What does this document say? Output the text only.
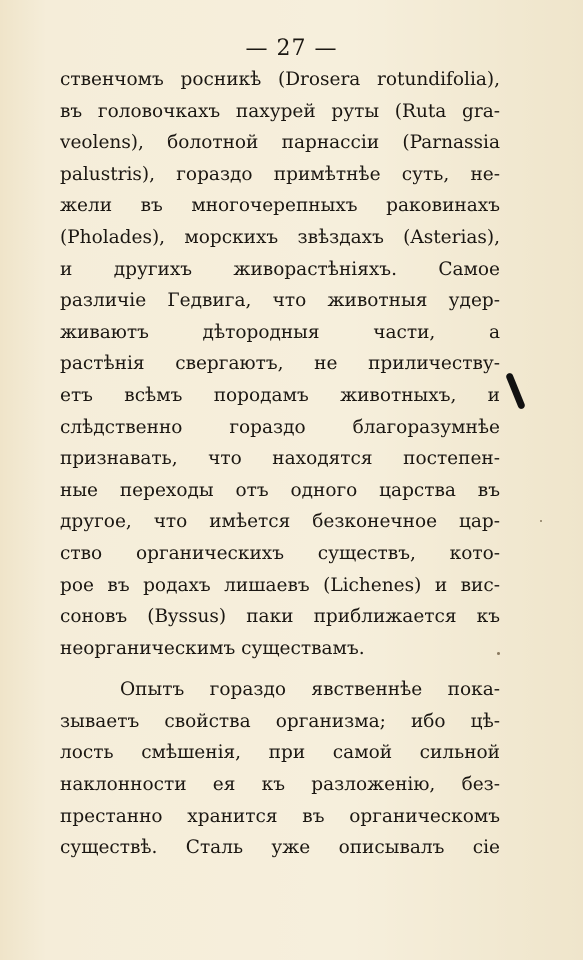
— 27 —
ственчомъ росникѣ (Drosera rotundifolia),
въ головочкахъ пахурей руты (Ruta gra-
veolens), болотной парнассіи (Parnassia
palustris), гораздо примѣтнѣе суть, не-
жели въ многочерепныхъ раковинахъ
(Pholades), морскихъ звѣздахъ (Asterias),
и другихъ живорастѣніяхъ. Самое
различіе Гедвига, что животныя удер-
живаютъ дѣтородныя части, а
растѣнія свергаютъ, не приличеству-
етъ всѣмъ породамъ животныхъ, и
слѣдственно гораздо благоразумнѣе
признавать, что находятся постепен-
ные переходы отъ одного царства въ
другое, что имѣется безконечное цар-
ство органическихъ существъ, кото-
рое въ родахъ лишаевъ (Lichenes) и вис-
соновъ (Byssus) паки приближается къ
неорганическимъ существамъ.
Опытъ гораздо явственнѣе пока-
зываетъ свойства организма; ибо цѣ-
лость смѣшенія, при самой сильной
наклонности ея къ разложенію, без-
престанно хранится въ органическомъ
существѣ. Сталь уже описывалъ сіе
